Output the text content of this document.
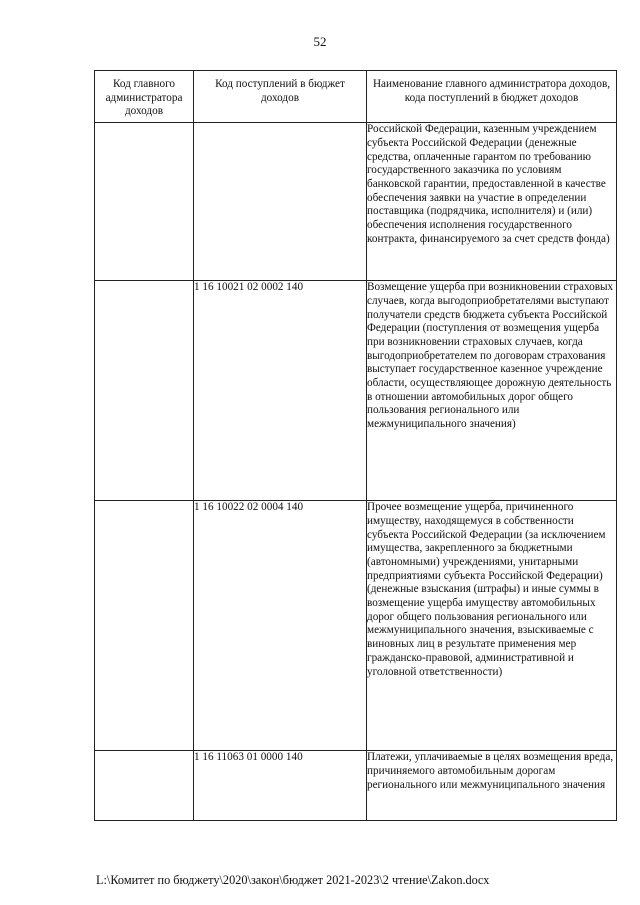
52
Код главного администратора доходов	Код поступлений в бюджет доходов	Наименование главного администратора доходов, кода поступлений в бюджет доходов
		Российской Федерации, казенным учреждением субъекта Российской Федерации (денежные средства, оплаченные гарантом по требованию государственного заказчика по условиям банковской гарантии, предоставленной в качестве обеспечения заявки на участие в определении поставщика (подрядчика, исполнителя) и (или) обеспечения исполнения государственного контракта, финансируемого за счет средств фонда)
	1 16 10021 02 0002 140	Возмещение ущерба при возникновении страховых случаев, когда выгодоприобретателями выступают получатели средств бюджета субъекта Российской Федерации (поступления от возмещения ущерба при возникновении страховых случаев, когда выгодоприобретателем по договорам страхования выступает государственное казенное учреждение области, осуществляющее дорожную деятельность в отношении автомобильных дорог общего пользования регионального или межмуниципального значения)
	1 16 10022 02 0004 140	Прочее возмещение ущерба, причиненного имуществу, находящемуся в собственности субъекта Российской Федерации (за исключением имущества, закрепленного за бюджетными (автономными) учреждениями, унитарными предприятиями субъекта Российской Федерации) (денежные взыскания (штрафы) и иные суммы в возмещение ущерба имуществу автомобильных дорог общего пользования регионального или межмуниципального значения, взыскиваемые с виновных лиц в результате применения мер гражданско-правовой, административной и уголовной ответственности)
	1 16 11063 01 0000 140	Платежи, уплачиваемые в целях возмещения вреда, причиняемого автомобильным дорогам регионального или межмуниципального значения
L:\Комитет по бюджету\2020\закон\бюджет 2021-2023\2 чтение\Zakon.docx
